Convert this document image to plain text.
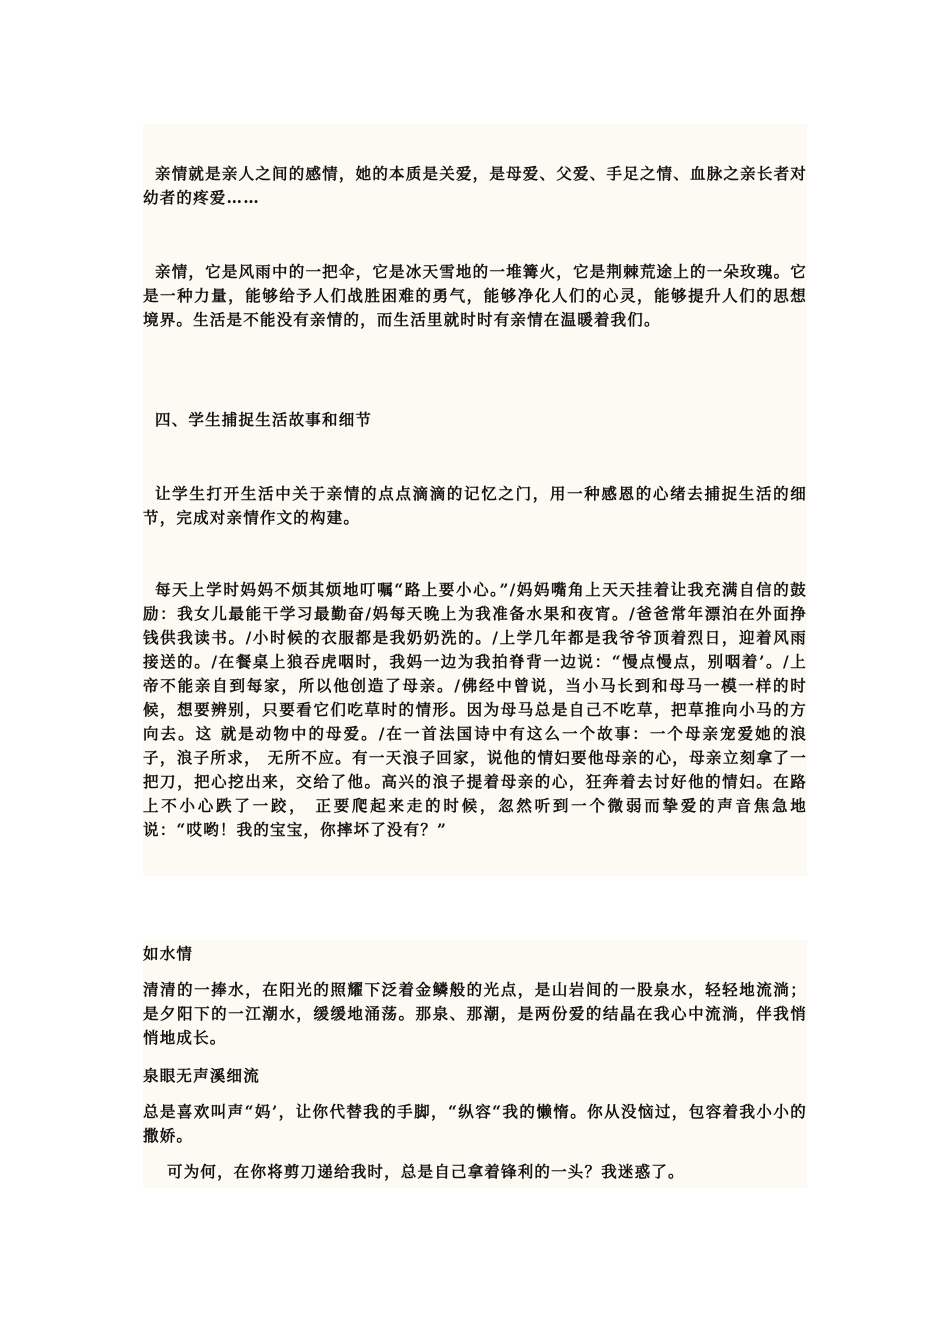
亲情就是亲人之间的感情，她的本质是关爱，是母爱、父爱、手足之情、血脉之亲长者对幼者的疼爱……

亲情，它是风雨中的一把伞，它是冰天雪地的一堆篝火，它是荆棘荒途上的一朵玫瑰。它是一种力量，能够给予人们战胜困难的勇气，能够净化人们的心灵，能够提升人们的思想境界。生活是不能没有亲情的，而生活里就时时有亲情在温暖着我们。

四、学生捕捉生活故事和细节

让学生打开生活中关于亲情的点点滴滴的记忆之门，用一种感恩的心绪去捕捉生活的细节，完成对亲情作文的构建。

每天上学时妈妈不烦其烦地叮嘱“路上要小心。”/妈妈嘴角上天天挂着让我充满自信的鼓励：我女儿最能干学习最勤奋/妈每天晚上为我准备水果和夜宵。/爸爸常年漂泊在外面挣 钱供我读书。/小时候的衣服都是我奶奶洗的。/上学几年都是我爷爷顶着烈日，迎着风雨接送的。/在餐桌上狼吞虎咽时，我妈一边为我拍脊背一边说：“慢点慢点，别咽着’。/上帝不能亲自到每家，所以他创造了母亲。/佛经中曾说，当小马长到和母马一模一样的时候，想要辨别，只要看它们吃草时的情形。因为母马总是自己不吃草，把草推向小马的方向去。这 就是动物中的母爱。/在一首法国诗中有这么一个故事：一个母亲宠爱她的浪子，浪子所求， 无所不应。有一天浪子回家，说他的情妇要他母亲的心，母亲立刻拿了一把刀，把心挖出来，交给了他。高兴的浪子提着母亲的心，狂奔着去讨好他的情妇。在路上不小心跌了一跤， 正要爬起来走的时候，忽然听到一个微弱而挚爱的声音焦急地说：“哎哟！我的宝宝，你摔坏了没有？”

如水情

清清的一捧水，在阳光的照耀下泛着金鳞般的光点，是山岩间的一股泉水，轻轻地流淌；是夕阳下的一江潮水，缓缓地涌荡。那泉、那潮，是两份爱的结晶在我心中流淌，伴我悄悄地成长。

泉眼无声溪细流

总是喜欢叫声“妈’，让你代替我的手脚，“纵容“我的懒惰。你从没恼过，包容着我小小的撒娇。

可为何，在你将剪刀递给我时，总是自己拿着锋利的一头？我迷惑了。
